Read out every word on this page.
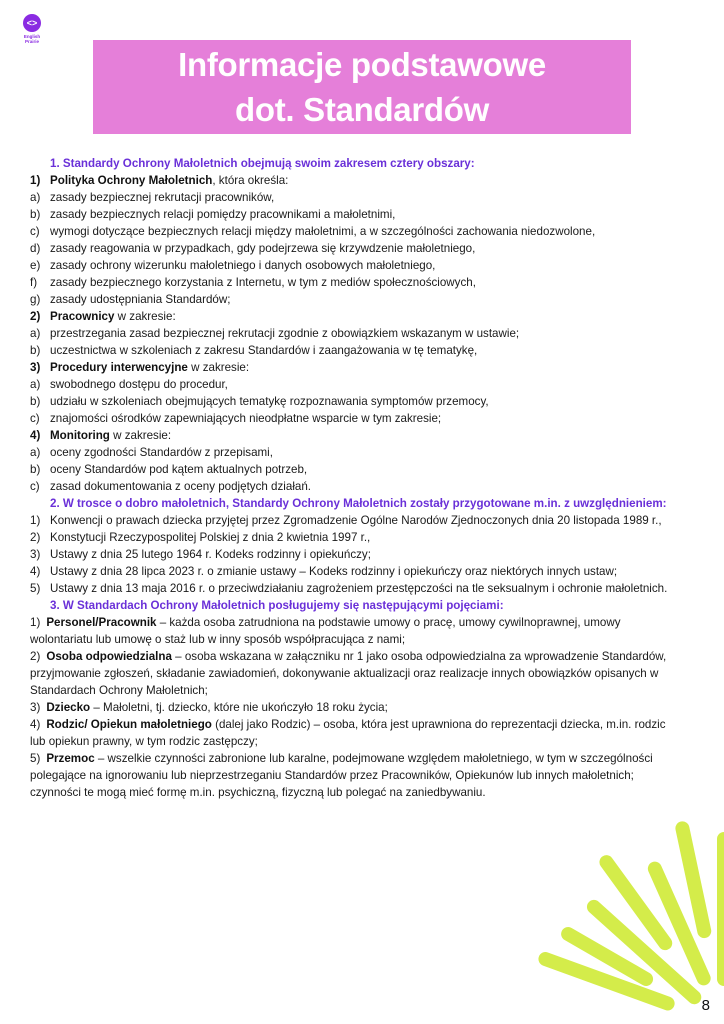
<>
English Prairie
Informacje podstawowe
dot. Standardów
1. Standardy Ochrony Małoletnich obejmują swoim zakresem cztery obszary:
1) Polityka Ochrony Małoletnich, która określa:
a) zasady bezpiecznej rekrutacji pracowników,
b) zasady bezpiecznych relacji pomiędzy pracownikami a małoletnimi,
c) wymogi dotyczące bezpiecznych relacji między małoletnimi, a w szczególności zachowania niedozwolone,
d) zasady reagowania w przypadkach, gdy podejrzewa się krzywdzenie małoletniego,
e) zasady ochrony wizerunku małoletniego i danych osobowych małoletniego,
f) zasady bezpiecznego korzystania z Internetu, w tym z mediów społecznościowych,
g) zasady udostępniania Standardów;
2) Pracownicy w zakresie:
a) przestrzegania zasad bezpiecznej rekrutacji zgodnie z obowiązkiem wskazanym w ustawie;
b) uczestnictwa w szkoleniach z zakresu Standardów i zaangażowania w tę tematykę,
3) Procedury interwencyjne w zakresie:
a) swobodnego dostępu do procedur,
b) udziału w szkoleniach obejmujących tematykę rozpoznawania symptomów przemocy,
c) znajomości ośrodków zapewniających nieodpłatne wsparcie w tym zakresie;
4) Monitoring w zakresie:
a) oceny zgodności Standardów z przepisami,
b) oceny Standardów pod kątem aktualnych potrzeb,
c) zasad dokumentowania z oceny podjętych działań.
2. W trosce o dobro małoletnich, Standardy Ochrony Małoletnich zostały przygotowane m.in. z uwzględnieniem:
1) Konwencji o prawach dziecka przyjętej przez Zgromadzenie Ogólne Narodów Zjednoczonych dnia 20 listopada 1989 r.,
2) Konstytucji Rzeczypospolitej Polskiej z dnia 2 kwietnia 1997 r.,
3) Ustawy z dnia 25 lutego 1964 r. Kodeks rodzinny i opiekuńczy;
4) Ustawy z dnia 28 lipca 2023 r. o zmianie ustawy – Kodeks rodzinny i opiekuńczy oraz niektórych innych ustaw;
5) Ustawy z dnia 13 maja 2016 r. o przeciwdziałaniu zagrożeniem przestępczości na tle seksualnym i ochronie małoletnich.
3. W Standardach Ochrony Małoletnich posługujemy się następującymi pojęciami:
1) Personel/Pracownik – każda osoba zatrudniona na podstawie umowy o pracę, umowy cywilnoprawnej, umowy wolontariatu lub umowę o staż lub w inny sposób współpracująca z nami;
2) Osoba odpowiedzialna – osoba wskazana w załączniku nr 1 jako osoba odpowiedzialna za wprowadzenie Standardów, przyjmowanie zgłoszeń, składanie zawiadomień, dokonywanie aktualizacji oraz realizacje innych obowiązków opisanych w Standardach Ochrony Małoletnich;
3) Dziecko – Małoletni, tj. dziecko, które nie ukończyło 18 roku życia;
4) Rodzic/ Opiekun małoletniego (dalej jako Rodzic) – osoba, która jest uprawniona do reprezentacji dziecka, m.in. rodzic lub opiekun prawny, w tym rodzic zastępczy;
5) Przemoc – wszelkie czynności zabronione lub karalne, podejmowane względem małoletniego, w tym w szczególności polegające na ignorowaniu lub nieprzestrzeganiu Standardów przez Pracowników, Opiekunów lub innych małoletnich; czynności te mogą mieć formę m.in. psychiczną, fizyczną lub polegać na zaniedbywaniu.
8
